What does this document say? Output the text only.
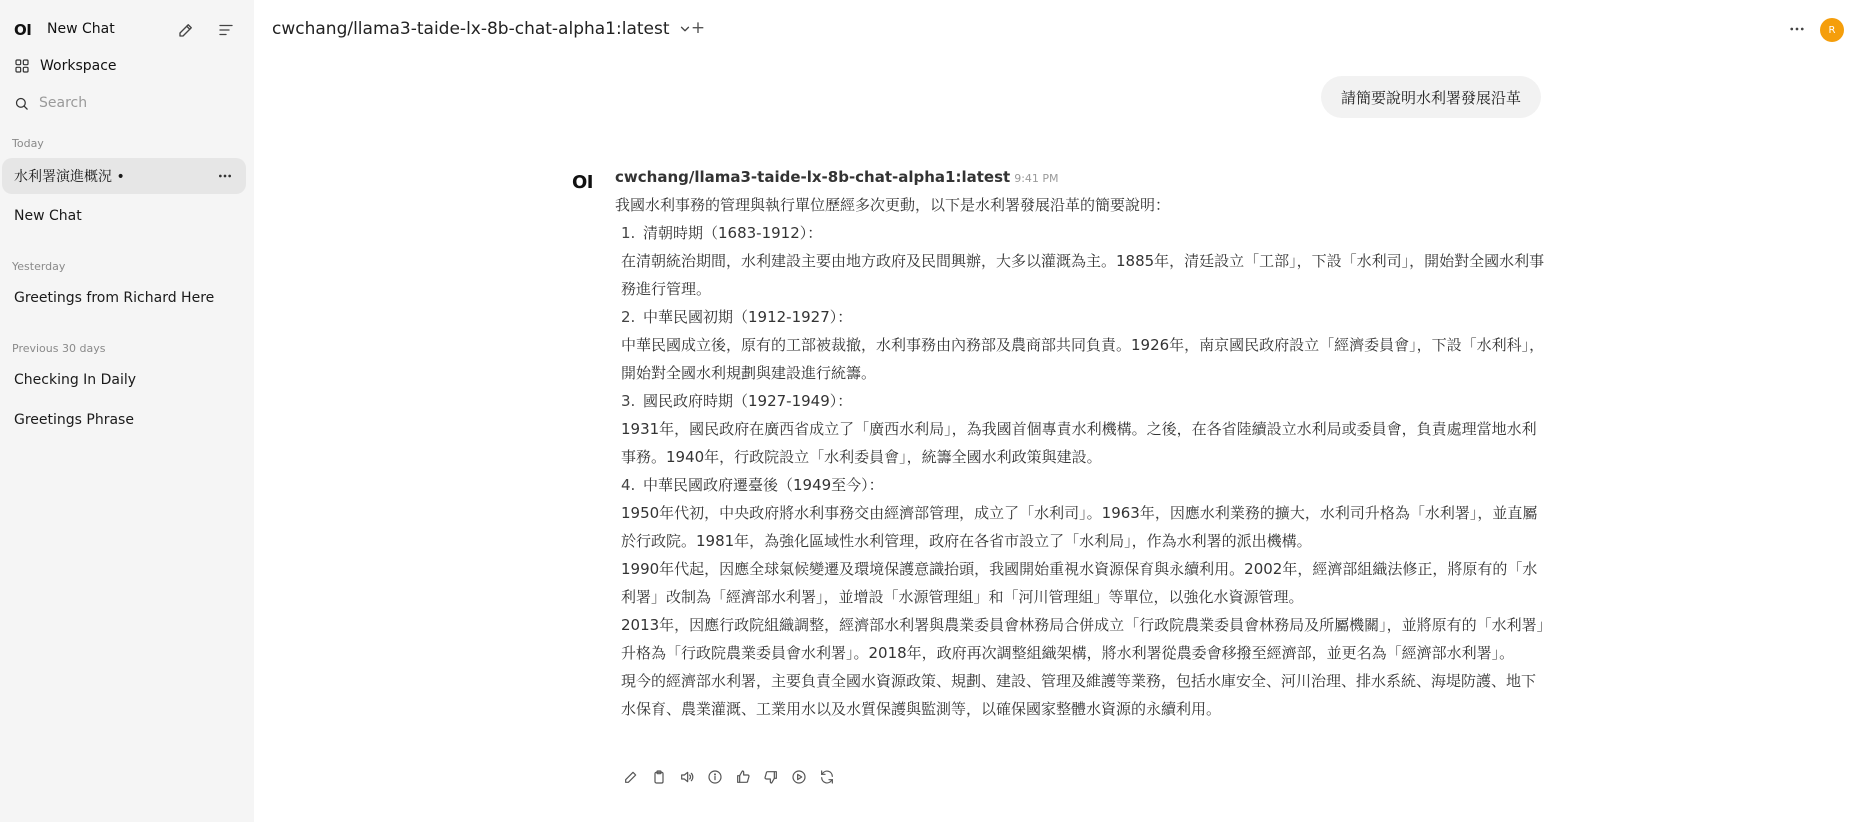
OI New Chat
Workspace
Search
Today
水利署演進概況 •
New Chat
Yesterday
Greetings from Richard Here
Previous 30 days
Checking In Daily
Greetings Phrase
cwchang/llama3-taide-lx-8b-chat-alpha1:latest +	R
請簡要說明水利署發展沿革
OI cwchang/llama3-taide-lx-8b-chat-alpha1:latest 9:41 PM

我國水利事務的管理與執行單位歷經多次更動，以下是水利署發展沿革的簡要說明：

1. 清朝時期（1683-1912）：

在清朝統治期間，水利建設主要由地方政府及民間興辦，大多以灌溉為主。1885年，清廷設立「工部」，下設「水利司」，開始對全國水利事務進行管理。

2. 中華民國初期（1912-1927）：

中華民國成立後，原有的工部被裁撤，水利事務由內務部及農商部共同負責。1926年，南京國民政府設立「經濟委員會」，下設「水利科」，開始對全國水利規劃與建設進行統籌。

3. 國民政府時期（1927-1949）：

1931年，國民政府在廣西省成立了「廣西水利局」，為我國首個專責水利機構。之後，在各省陸續設立水利局或委員會，負責處理當地水利事務。1940年，行政院設立「水利委員會」，統籌全國水利政策與建設。

4. 中華民國政府遷臺後（1949至今）：

1950年代初，中央政府將水利事務交由經濟部管理，成立了「水利司」。1963年，因應水利業務的擴大，水利司升格為「水利署」，並直屬於行政院。1981年，為強化區域性水利管理，政府在各省市設立了「水利局」，作為水利署的派出機構。

1990年代起，因應全球氣候變遷及環境保護意識抬頭，我國開始重視水資源保育與永續利用。2002年，經濟部組織法修正，將原有的「水利署」改制為「經濟部水利署」，並增設「水源管理組」和「河川管理組」等單位，以強化水資源管理。

2013年，因應行政院組織調整，經濟部水利署與農業委員會林務局合併成立「行政院農業委員會林務局及所屬機關」，並將原有的「水利署」升格為「行政院農業委員會水利署」。2018年，政府再次調整組織架構，將水利署從農委會移撥至經濟部，並更名為「經濟部水利署」。

現今的經濟部水利署，主要負責全國水資源政策、規劃、建設、管理及維護等業務，包括水庫安全、河川治理、排水系統、海堤防護、地下水保育、農業灌溉、工業用水以及水質保護與監測等，以確保國家整體水資源的永續利用。
